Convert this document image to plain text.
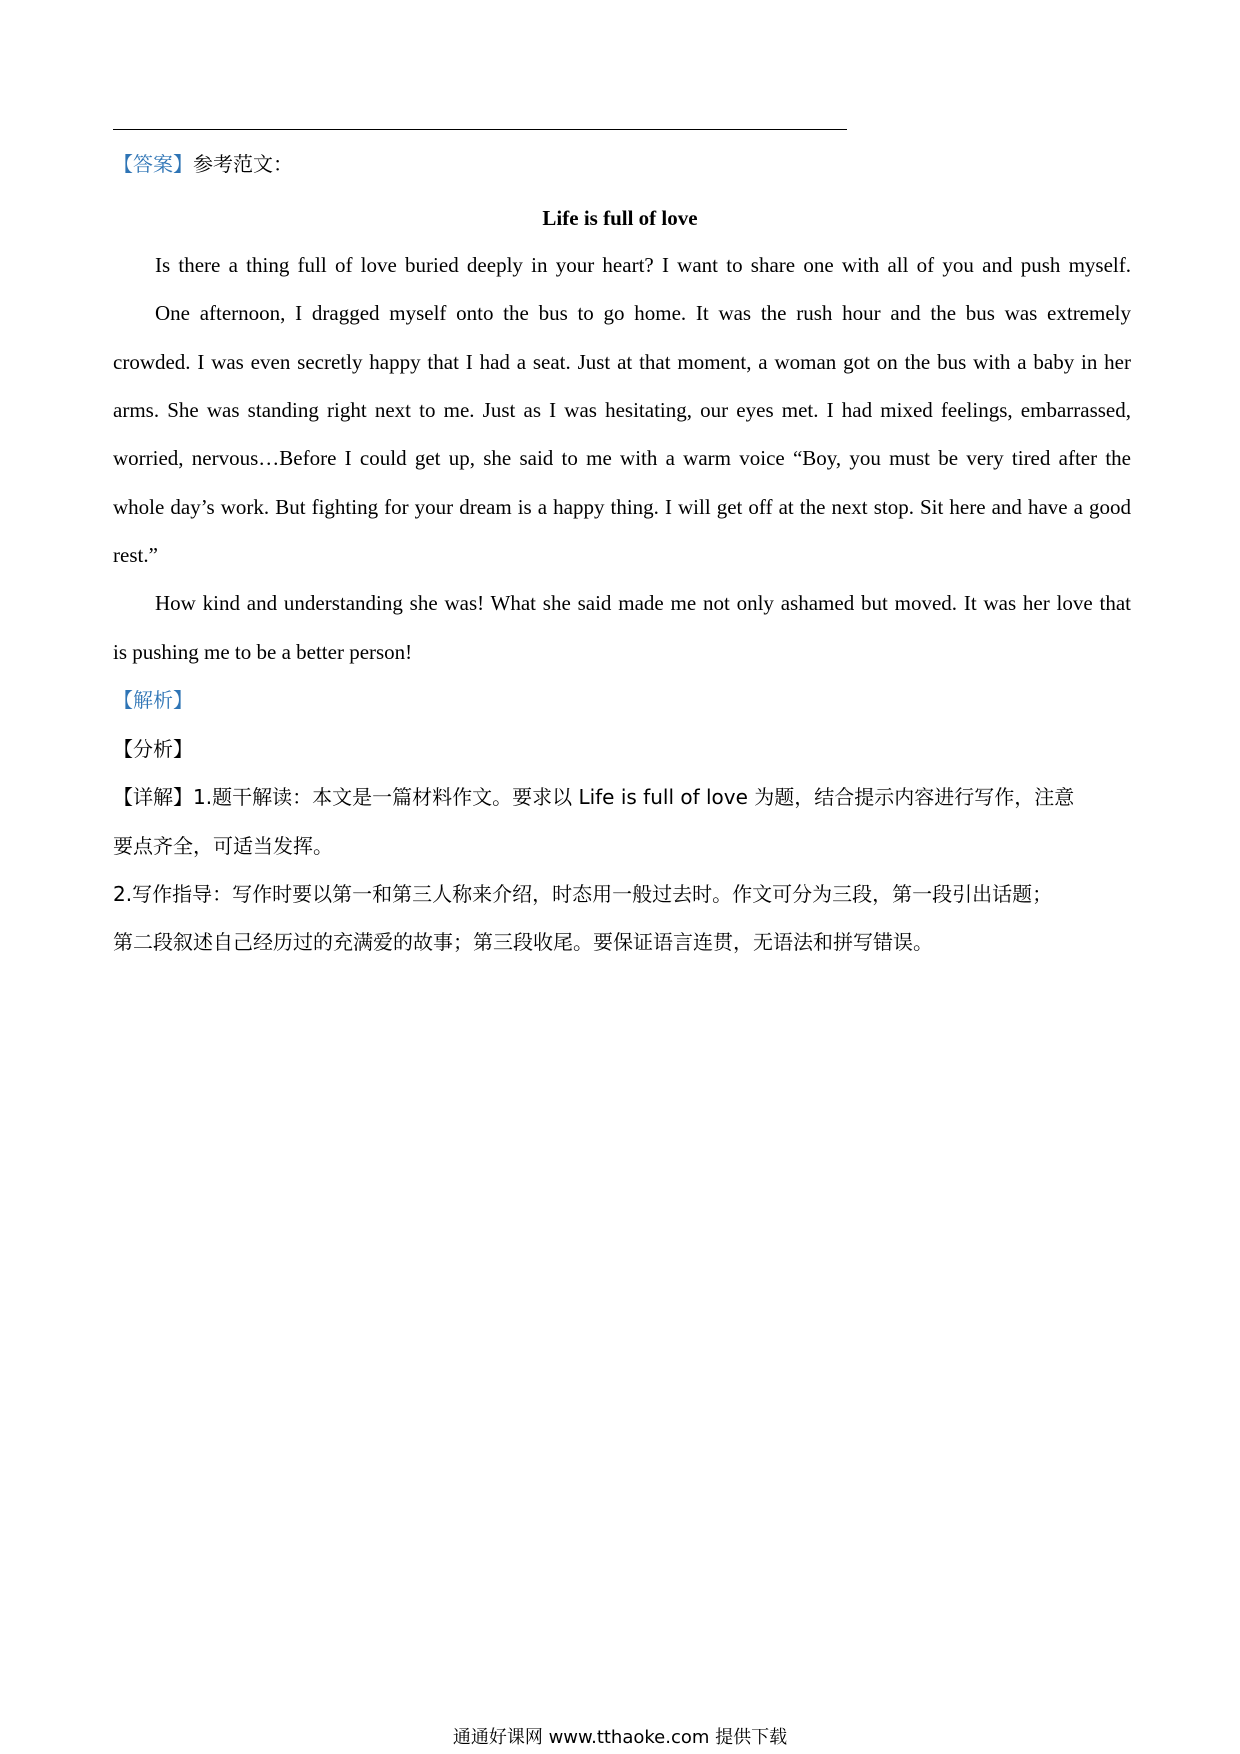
【答案】参考范文：
Life is full of love
Is there a thing full of love buried deeply in your heart? I want to share one with all of you and push myself.
One afternoon, I dragged myself onto the bus to go home. It was the rush hour and the bus was extremely
crowded. I was even secretly happy that I had a seat. Just at that moment, a woman got on the bus with a baby in her
arms. She was standing right next to me. Just as I was hesitating, our eyes met. I had mixed feelings, embarrassed,
worried, nervous…Before I could get up, she said to me with a warm voice “Boy, you must be very tired after the
whole day’s work. But fighting for your dream is a happy thing. I will get off at the next stop. Sit here and have a good
rest.”
How kind and understanding she was! What she said made me not only ashamed but moved. It was her love that
is pushing me to be a better person!
【解析】
【分析】
【详解】1.题干解读：本文是一篇材料作文。要求以 Life is full of love 为题，结合提示内容进行写作，注意
要点齐全，可适当发挥。
2.写作指导：写作时要以第一和第三人称来介绍，时态用一般过去时。作文可分为三段，第一段引出话题；
第二段叙述自己经历过的充满爱的故事；第三段收尾。要保证语言连贯，无语法和拼写错误。
通通好课网 www.tthaoke.com 提供下载
